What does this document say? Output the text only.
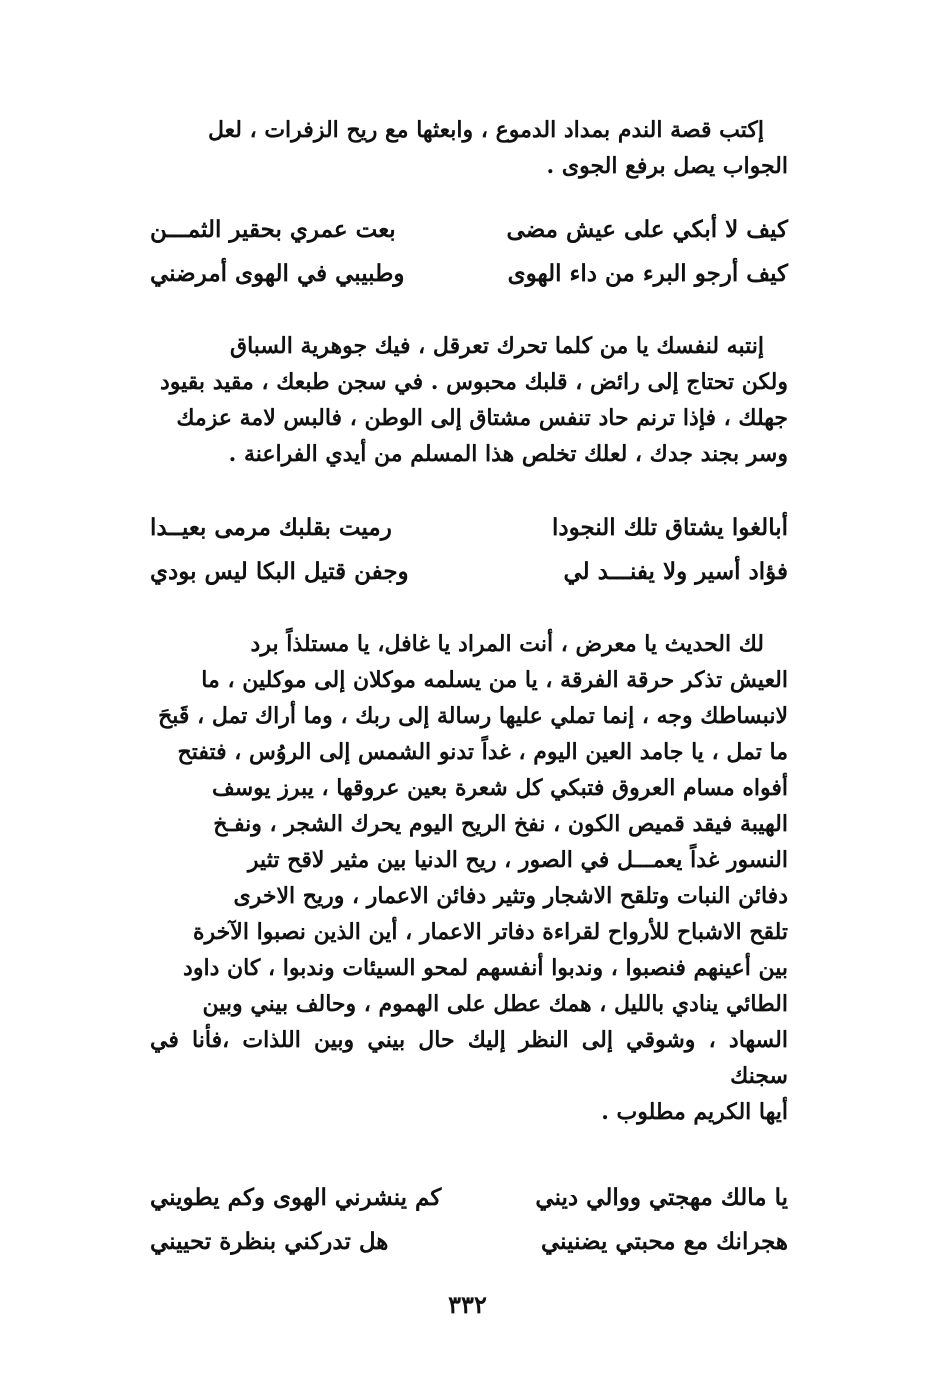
إكتب قصة الندم بمداد الدموع ، وابعثها مع ريح الزفرات ، لعل

الجواب يصل برفع الجوى .

كيف لا أبكي على عيش مضى
بعت عمري بحقير الثمـــن
كيف أرجو البرء من داء الهوى
وطبيبي في الهوى أمرضني

إنتبه لنفسك يا من كلما تحرك تعرقل ، فيك جوهرية السباق

ولكن تحتاج إلى رائض ، قلبك محبوس . في سجن طبعك ، مقيد بقيود

جهلك ، فإذا ترنم حاد تنفس مشتاق إلى الوطن ، فالبس لامة عزمك

وسر بجند جدك ، لعلك تخلص هذا المسلم من أيدي الفراعنة .

أبالغوا يشتاق تلك النجودا
رميت بقلبك مرمى بعيــدا
فؤاد أسير ولا يفنـــد لي
وجفن قتيل البكا ليس بودي

لك الحديث يا معرض ، أنت المراد يا غافل، يا مستلذاً برد

العيش تذكر حرقة الفرقة ، يا من يسلمه موكلان إلى موكلين ، ما

لانبساطك وجه ، إنما تملي عليها رسالة إلى ربك ، وما أراك تمل ، قَبحَ

ما تمل ، يا جامد العين اليوم ، غداً تدنو الشمس إلى الروُس ، فتفتح

أفواه مسام العروق فتبكي كل شعرة بعين عروقها ، يبرز يوسف

الهيبة فيقد قميص الكون ، نفخ الريح اليوم يحرك الشجر ، ونفـخ

النسور غداً يعمـــل في الصور ، ريح الدنيا بين مثير لاقح تثير

دفائن النبات وتلقح الاشجار وتثير دفائن الاعمار ، وريح الاخرى

تلقح الاشباح للأرواح لقراءة دفاتر الاعمار ، أين الذين نصبوا الآخرة

بين أعينهم فنصبوا ، وندبوا أنفسهم لمحو السيئات وندبوا ، كان داود

الطائي ينادي بالليل ، همك عطل على الهموم ، وحالف بيني وبين

السهاد ، وشوقي إلى النظر إليك حال بيني وبين اللذات ،فأنا في سجنك

أيها الكريم مطلوب .

يا مالك مهجتي ووالي ديني
كم ينشرني الهوى وكم يطويني
هجرانك مع محبتي يضنيني
هل تدركني بنظرة تحييني
٣٣٢
